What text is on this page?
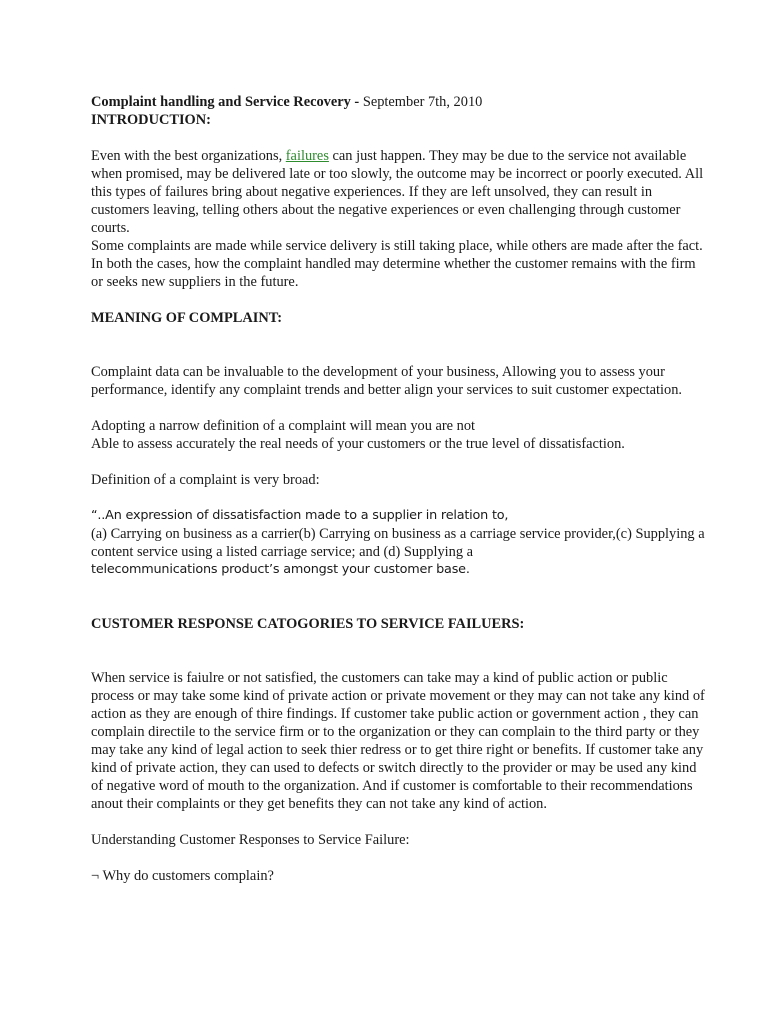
Complaint handling and Service Recovery - September 7th, 2010

INTRODUCTION:

Even with the best organizations, failures can just happen. They may be due to the service not available when promised, may be delivered late or too slowly, the outcome may be incorrect or poorly executed. All this types of failures bring about negative experiences. If they are left unsolved, they can result in customers leaving, telling others about the negative experiences or even challenging through customer courts.

Some complaints are made while service delivery is still taking place, while others are made after the fact. In both the cases, how the complaint handled may determine whether the customer remains with the firm or seeks new suppliers in the future.

MEANING OF COMPLAINT:

Complaint data can be invaluable to the development of your business, Allowing you to assess your performance, identify any complaint trends and better align your services to suit customer expectation.

Adopting a narrow definition of a complaint will mean you are not

Able to assess accurately the real needs of your customers or the true level of dissatisfaction.

Definition of a complaint is very broad:

“..An expression of dissatisfaction made to a supplier in relation to,

(a) Carrying on business as a carrier(b) Carrying on business as a carriage service provider,(c) Supplying a content service using a listed carriage service; and (d) Supplying a

telecommunications product’s amongst your customer base.

CUSTOMER RESPONSE CATOGORIES TO SERVICE FAILUERS:

When service is faiulre or not satisfied, the customers can take may a kind of public action or public process or may take some kind of private action or private movement or they may can not take any kind of action as they are enough of thire findings. If customer take public action or government action , they can complain directile to the service firm or to the organization or they can complain to the third party or they may take any kind of legal action to seek thier redress or to get thire right or benefits. If customer take any kind of private action, they can used to defects or switch directly to the provider or may be used any kind of negative word of mouth to the organization. And if customer is comfortable to their recommendations anout their complaints or they get benefits they can not take any kind of action.

Understanding Customer Responses to Service Failure:

¬ Why do customers complain?
